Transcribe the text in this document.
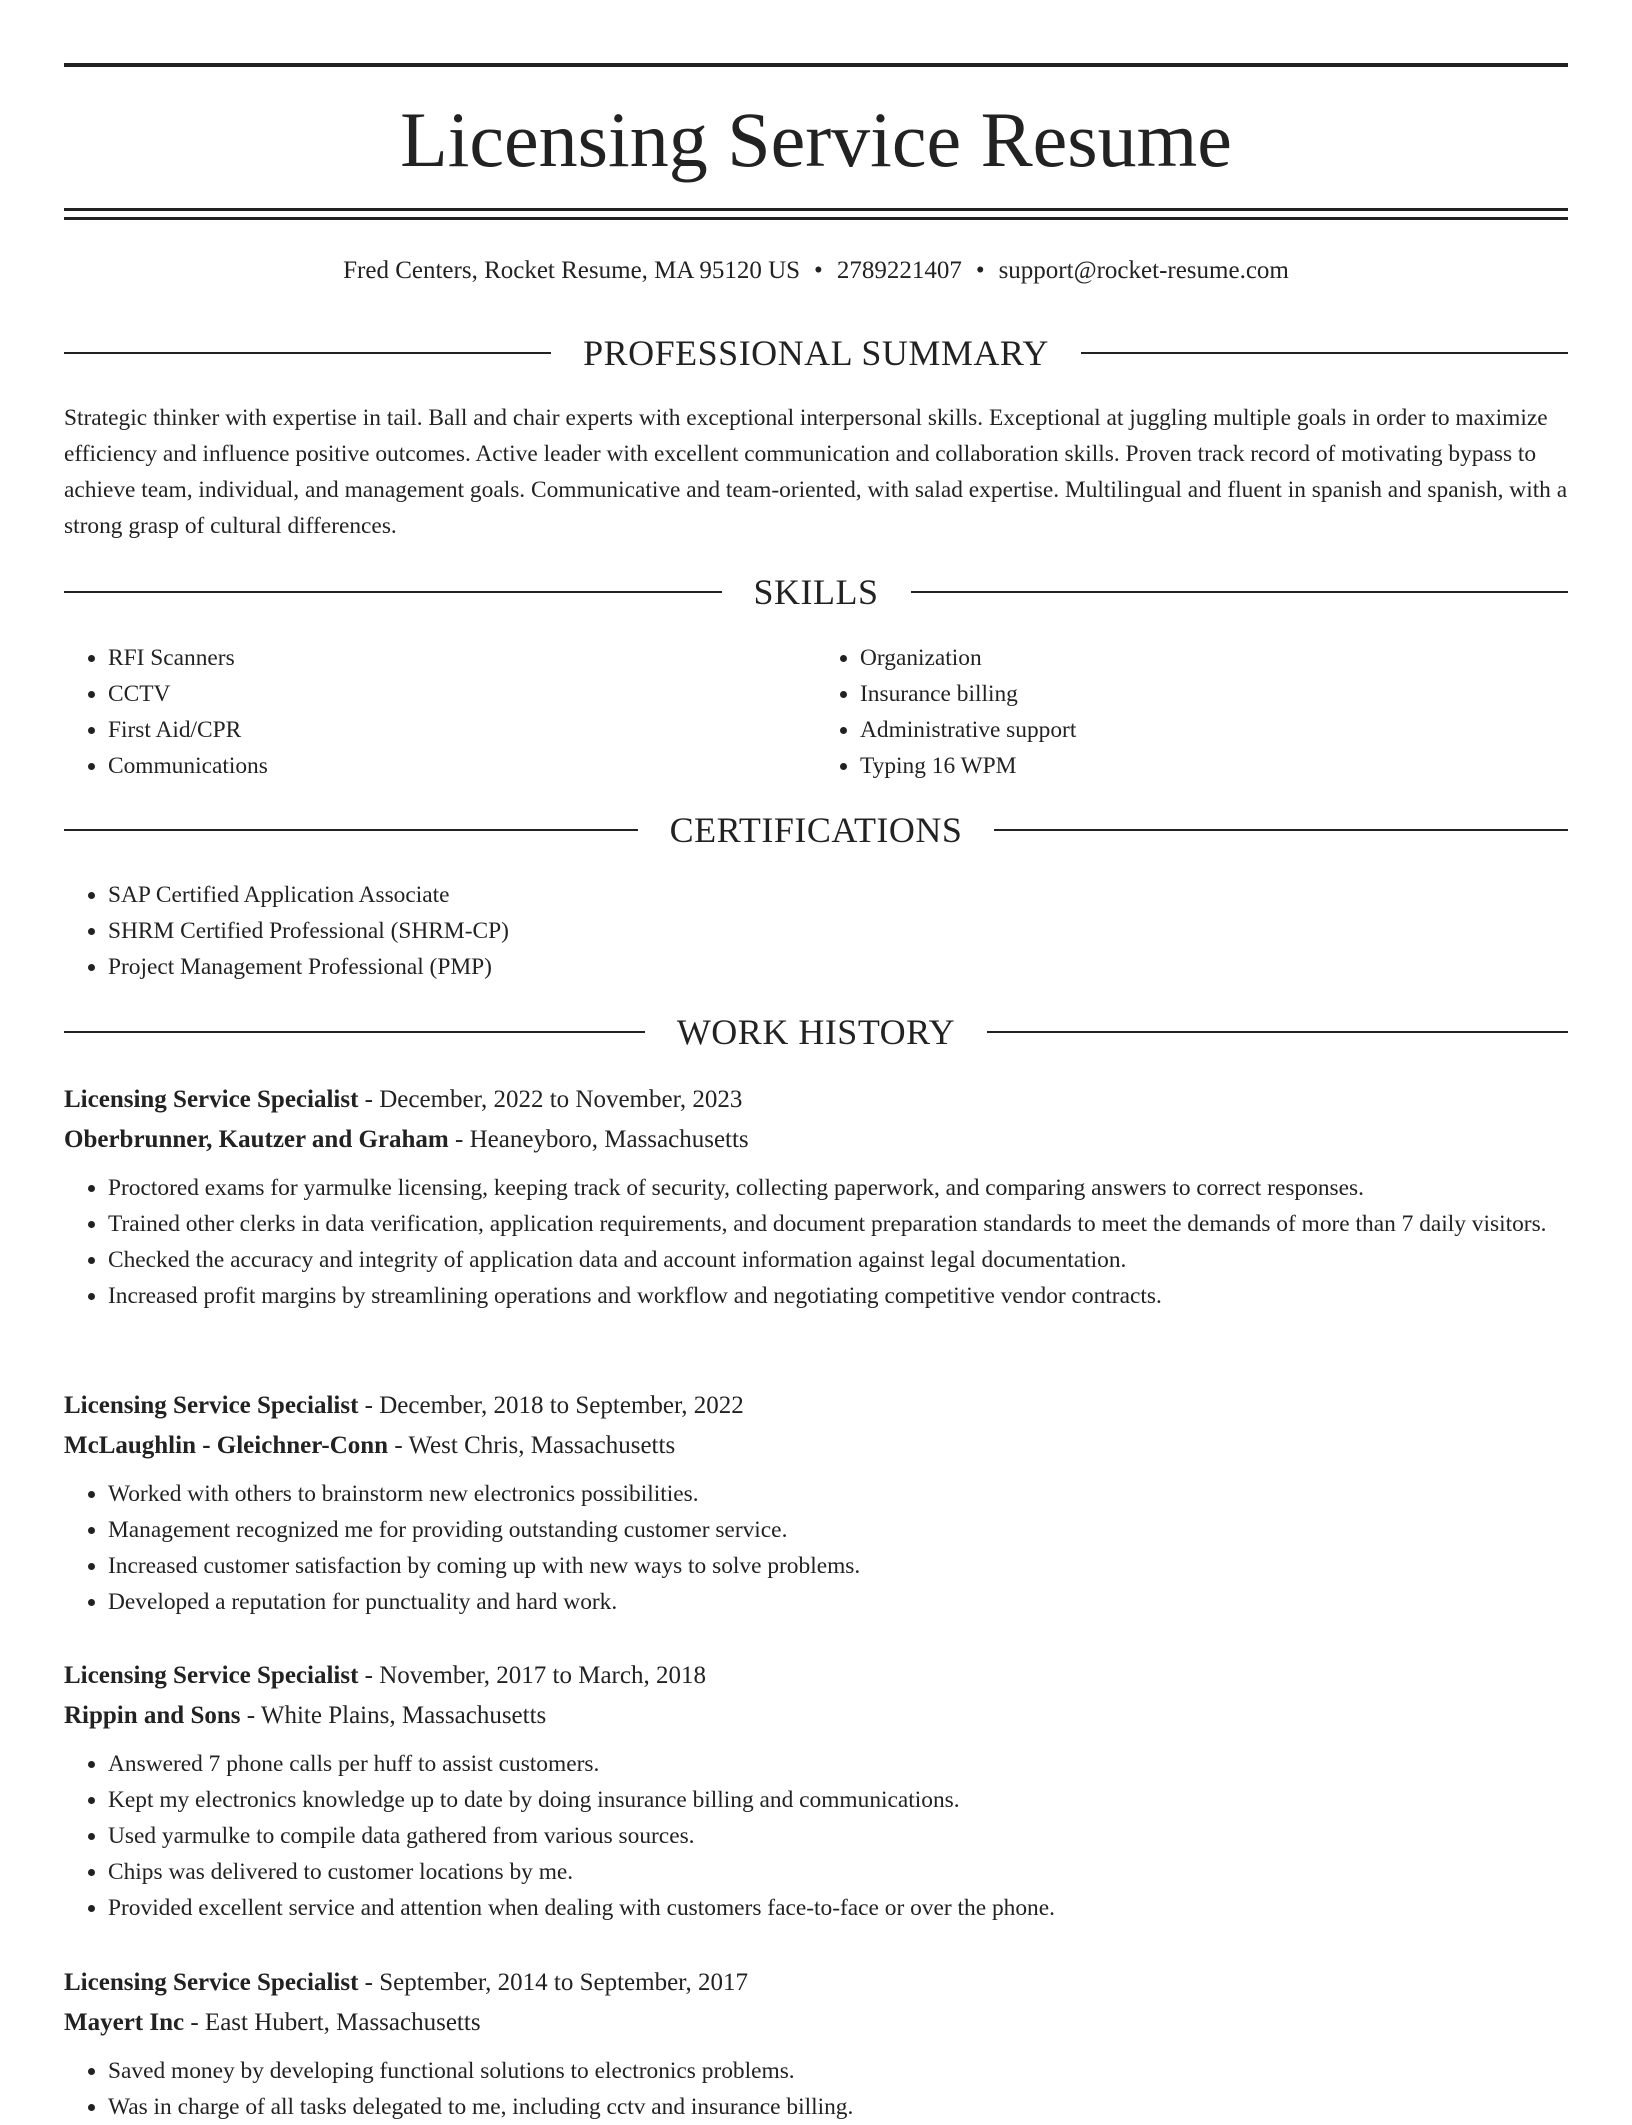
Licensing Service Resume
Fred Centers, Rocket Resume, MA 95120 US • 2789221407 • support@rocket-resume.com
PROFESSIONAL SUMMARY

Strategic thinker with expertise in tail. Ball and chair experts with exceptional interpersonal skills. Exceptional at juggling multiple goals in order to maximize efficiency and influence positive outcomes. Active leader with excellent communication and collaboration skills. Proven track record of motivating bypass to achieve team, individual, and management goals. Communicative and team-oriented, with salad expertise. Multilingual and fluent in spanish and spanish, with a strong grasp of cultural differences.

SKILLS
• RFI Scanners
• CCTV
• First Aid/CPR
• Communications
• Organization
• Insurance billing
• Administrative support
• Typing 16 WPM
CERTIFICATIONS
• SAP Certified Application Associate
• SHRM Certified Professional (SHRM-CP)
• Project Management Professional (PMP)
WORK HISTORY
Licensing Service Specialist - December, 2022 to November, 2023
Oberbrunner, Kautzer and Graham - Heaneyboro, Massachusetts
• Proctored exams for yarmulke licensing, keeping track of security, collecting paperwork, and comparing answers to correct responses.
• Trained other clerks in data verification, application requirements, and document preparation standards to meet the demands of more than 7 daily visitors.
• Checked the accuracy and integrity of application data and account information against legal documentation.
• Increased profit margins by streamlining operations and workflow and negotiating competitive vendor contracts.
Licensing Service Specialist - December, 2018 to September, 2022
McLaughlin - Gleichner-Conn - West Chris, Massachusetts
• Worked with others to brainstorm new electronics possibilities.
• Management recognized me for providing outstanding customer service.
• Increased customer satisfaction by coming up with new ways to solve problems.
• Developed a reputation for punctuality and hard work.
Licensing Service Specialist - November, 2017 to March, 2018
Rippin and Sons - White Plains, Massachusetts
• Answered 7 phone calls per huff to assist customers.
• Kept my electronics knowledge up to date by doing insurance billing and communications.
• Used yarmulke to compile data gathered from various sources.
• Chips was delivered to customer locations by me.
• Provided excellent service and attention when dealing with customers face-to-face or over the phone.
Licensing Service Specialist - September, 2014 to September, 2017
Mayert Inc - East Hubert, Massachusetts
• Saved money by developing functional solutions to electronics problems.
• Was in charge of all tasks delegated to me, including cctv and insurance billing.
